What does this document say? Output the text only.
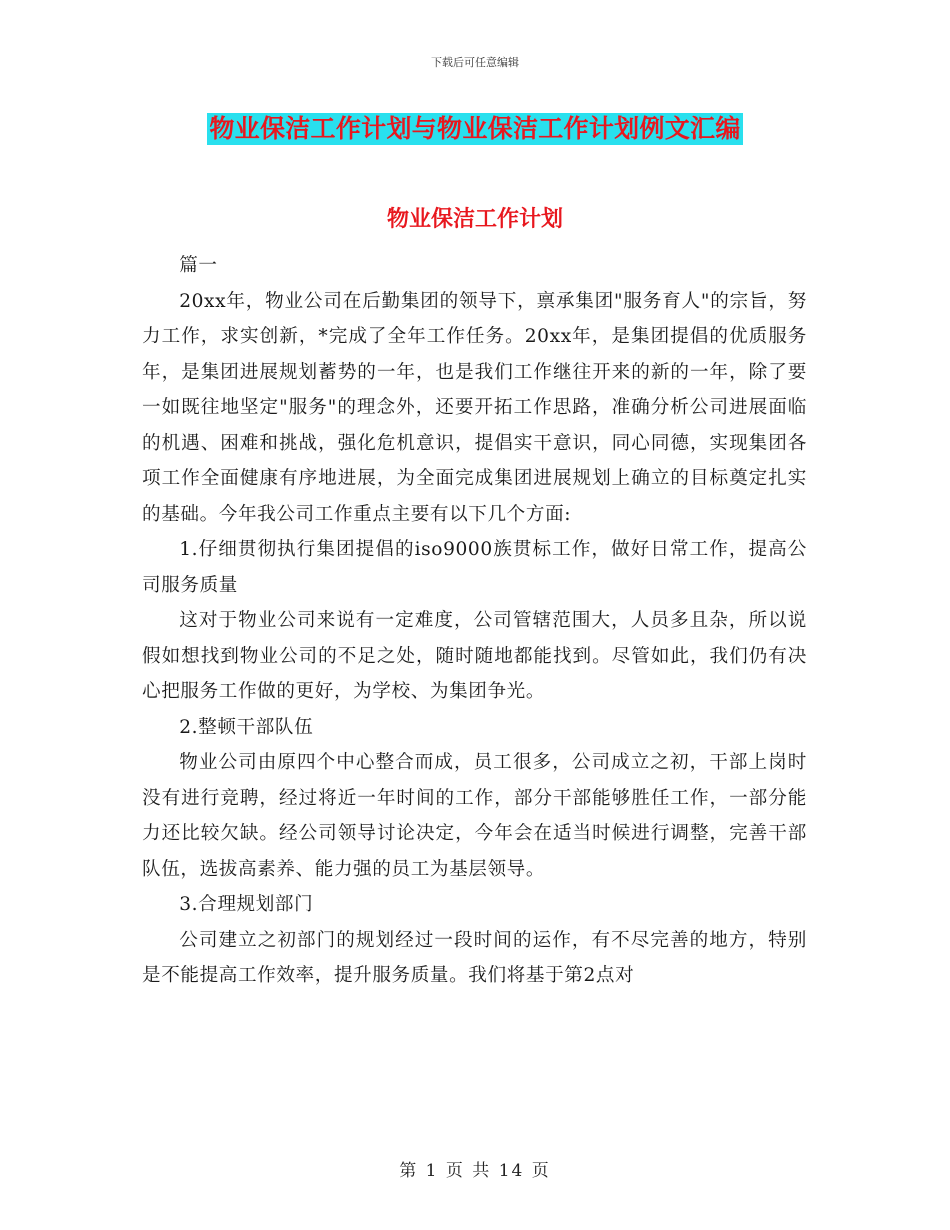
下载后可任意编辑
物业保洁工作计划与物业保洁工作计划例文汇编
物业保洁工作计划

篇一

20xx年，物业公司在后勤集团的领导下，禀承集团"服务育人"的宗旨，努力工作，求实创新，*完成了全年工作任务。20xx年，是集团提倡的优质服务年，是集团进展规划蓄势的一年，也是我们工作继往开来的新的一年，除了要一如既往地坚定"服务"的理念外，还要开拓工作思路，准确分析公司进展面临的机遇、困难和挑战，强化危机意识，提倡实干意识，同心同德，实现集团各项工作全面健康有序地进展，为全面完成集团进展规划上确立的目标奠定扎实的基础。今年我公司工作重点主要有以下几个方面:

1.仔细贯彻执行集团提倡的iso9000族贯标工作，做好日常工作，提高公司服务质量

这对于物业公司来说有一定难度，公司管辖范围大，人员多且杂，所以说假如想找到物业公司的不足之处，随时随地都能找到。尽管如此，我们仍有决心把服务工作做的更好，为学校、为集团争光。

2.整顿干部队伍

物业公司由原四个中心整合而成，员工很多，公司成立之初，干部上岗时没有进行竞聘，经过将近一年时间的工作，部分干部能够胜任工作，一部分能力还比较欠缺。经公司领导讨论决定，今年会在适当时候进行调整，完善干部队伍，选拔高素养、能力强的员工为基层领导。

3.合理规划部门

公司建立之初部门的规划经过一段时间的运作，有不尽完善的地方，特别是不能提高工作效率，提升服务质量。我们将基于第2点对

第 1 页 共 14 页
